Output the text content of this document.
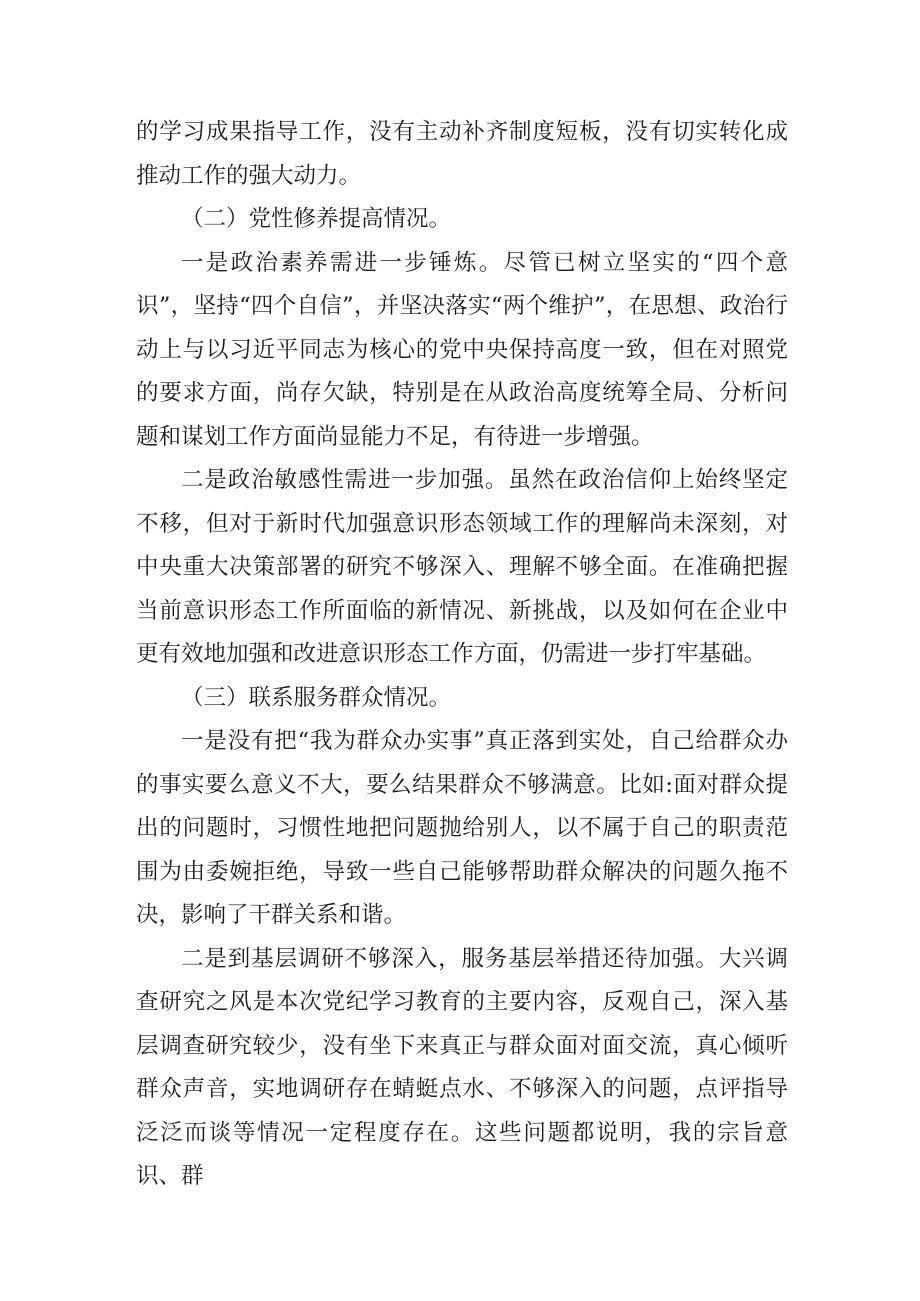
的学习成果指导工作，没有主动补齐制度短板，没有切实转化成推动工作的强大动力。

（二）党性修养提高情况。

一是政治素养需进一步锤炼。尽管已树立坚实的“四个意识”，坚持“四个自信”，并坚决落实“两个维护”，在思想、政治行动上与以习近平同志为核心的党中央保持高度一致，但在对照党的要求方面，尚存欠缺，特别是在从政治高度统筹全局、分析问题和谋划工作方面尚显能力不足，有待进一步增强。

二是政治敏感性需进一步加强。虽然在政治信仰上始终坚定不移，但对于新时代加强意识形态领域工作的理解尚未深刻，对中央重大决策部署的研究不够深入、理解不够全面。在准确把握当前意识形态工作所面临的新情况、新挑战，以及如何在企业中更有效地加强和改进意识形态工作方面，仍需进一步打牢基础。

（三）联系服务群众情况。

一是没有把“我为群众办实事”真正落到实处，自己给群众办的事实要么意义不大，要么结果群众不够满意。比如:面对群众提出的问题时，习惯性地把问题抛给别人，以不属于自己的职责范围为由委婉拒绝，导致一些自己能够帮助群众解决的问题久拖不决，影响了干群关系和谐。

二是到基层调研不够深入，服务基层举措还待加强。大兴调查研究之风是本次党纪学习教育的主要内容，反观自己，深入基层调查研究较少，没有坐下来真正与群众面对面交流，真心倾听群众声音，实地调研存在蜻蜓点水、不够深入的问题，点评指导泛泛而谈等情况一定程度存在。这些问题都说明，我的宗旨意识、群
